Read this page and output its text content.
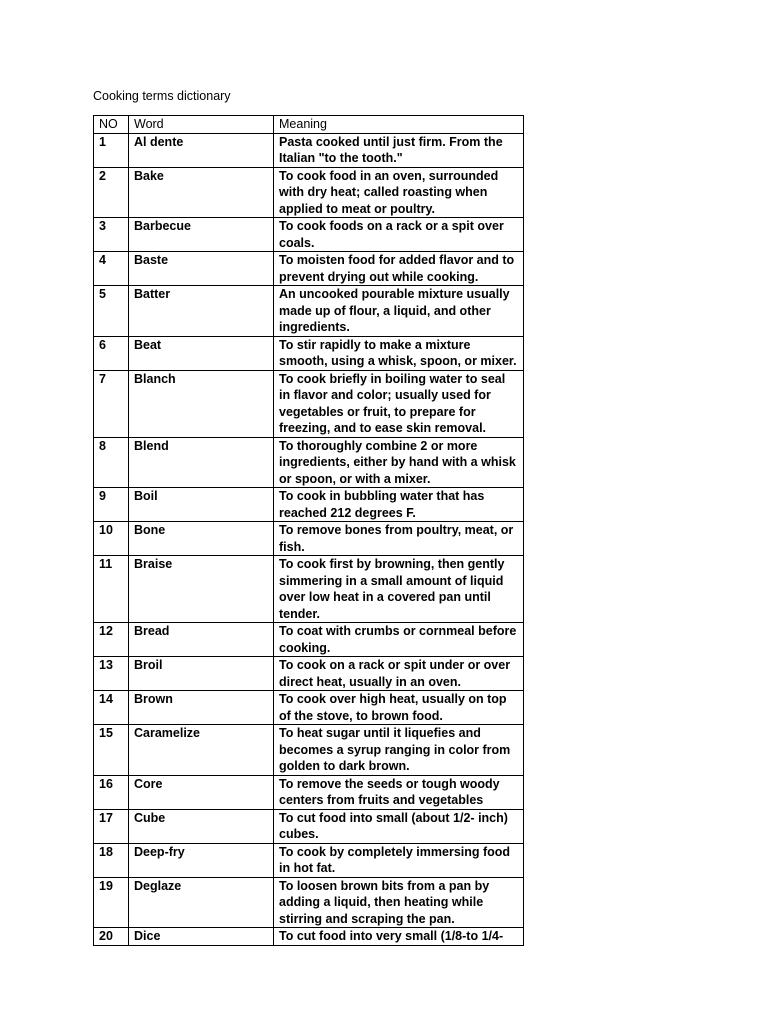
Cooking terms dictionary
NO	Word	Meaning
1	Al dente	Pasta cooked until just firm. From the Italian "to the tooth."
2	Bake	To cook food in an oven, surrounded with dry heat; called roasting when applied to meat or poultry.
3	Barbecue	To cook foods on a rack or a spit over coals.
4	Baste	To moisten food for added flavor and to prevent drying out while cooking.
5	Batter	An uncooked pourable mixture usually made up of flour, a liquid, and other ingredients.
6	Beat	To stir rapidly to make a mixture smooth, using a whisk, spoon, or mixer.
7	Blanch	To cook briefly in boiling water to seal in flavor and color; usually used for vegetables or fruit, to prepare for freezing, and to ease skin removal.
8	Blend	To thoroughly combine 2 or more ingredients, either by hand with a whisk or spoon, or with a mixer.
9	Boil	To cook in bubbling water that has reached 212 degrees F.
10	Bone	To remove bones from poultry, meat, or fish.
11	Braise	To cook first by browning, then gently simmering in a small amount of liquid over low heat in a covered pan until tender.
12	Bread	To coat with crumbs or cornmeal before cooking.
13	Broil	To cook on a rack or spit under or over direct heat, usually in an oven.
14	Brown	To cook over high heat, usually on top of the stove, to brown food.
15	Caramelize	To heat sugar until it liquefies and becomes a syrup ranging in color from golden to dark brown.
16	Core	To remove the seeds or tough woody centers from fruits and vegetables
17	Cube	To cut food into small (about 1/2- inch) cubes.
18	Deep-fry	To cook by completely immersing food in hot fat.
19	Deglaze	To loosen brown bits from a pan by adding a liquid, then heating while stirring and scraping the pan.
20	Dice	To cut food into very small (1/8-to 1/4-
